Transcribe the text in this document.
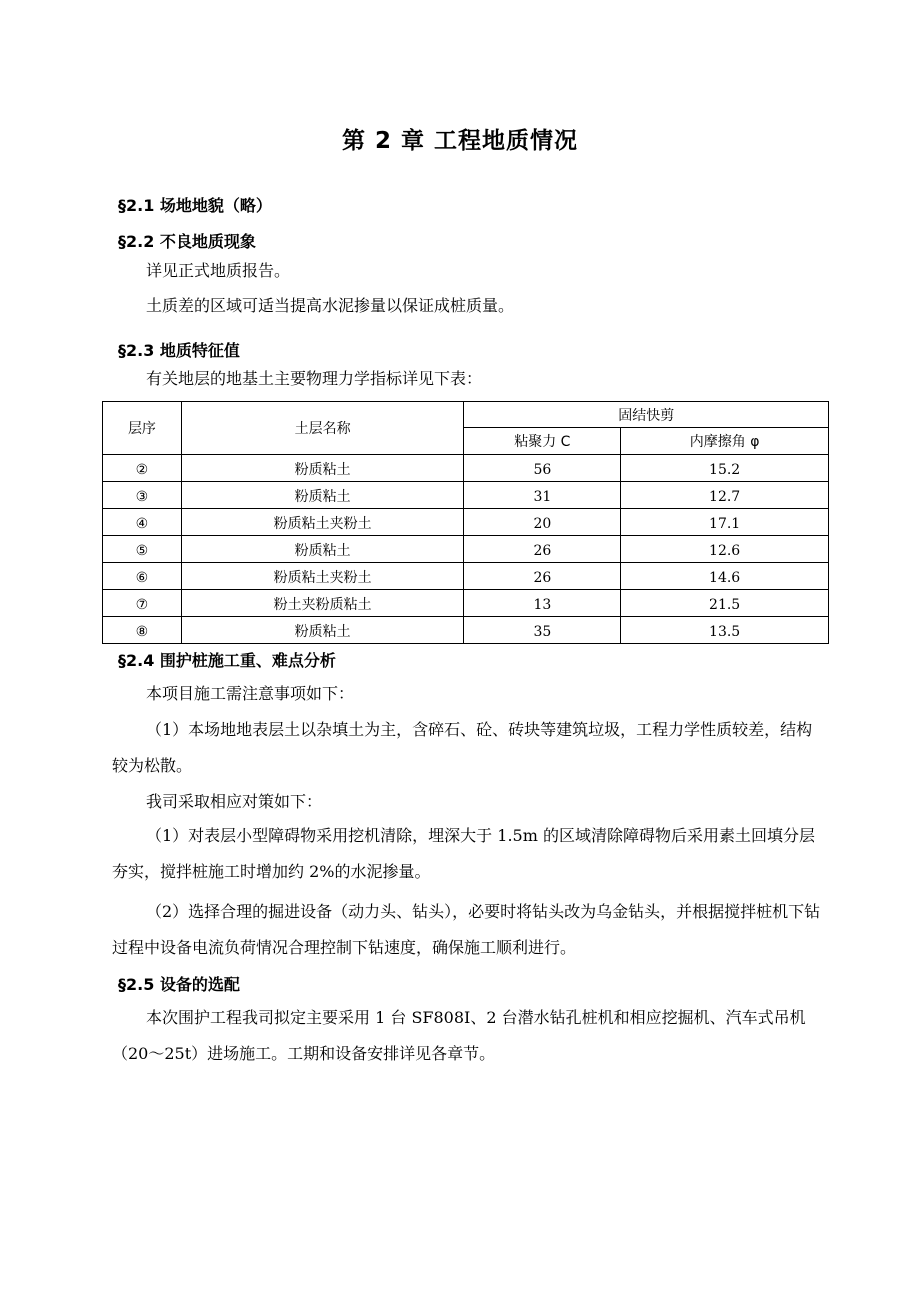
第 2 章 工程地质情况
§2.1 场地地貌（略）
§2.2 不良地质现象
详见正式地质报告。
土质差的区域可适当提高水泥掺量以保证成桩质量。
§2.3 地质特征值
有关地层的地基土主要物理力学指标详见下表：
层序	土层名称	固结快剪	
		粘聚力 C	内摩擦角 φ
②	粉质粘土	56	15.2
③	粉质粘土	31	12.7
④	粉质粘土夹粉土	20	17.1
⑤	粉质粘土	26	12.6
⑥	粉质粘土夹粉土	26	14.6
⑦	粉土夹粉质粘土	13	21.5
⑧	粉质粘土	35	13.5
§2.4 围护桩施工重、难点分析
本项目施工需注意事项如下：
（1）本场地地表层土以杂填土为主，含碎石、砼、砖块等建筑垃圾，工程力学性质较差，结构较为松散。
我司采取相应对策如下：
（1）对表层小型障碍物采用挖机清除，埋深大于 1.5m 的区域清除障碍物后采用素土回填分层夯实，搅拌桩施工时增加约 2%的水泥掺量。
（2）选择合理的掘进设备（动力头、钻头），必要时将钻头改为乌金钻头，并根据搅拌桩机下钻过程中设备电流负荷情况合理控制下钻速度，确保施工顺利进行。
§2.5 设备的选配
本次围护工程我司拟定主要采用 1 台 SF808I、2 台潜水钻孔桩机和相应挖掘机、汽车式吊机（20～25t）进场施工。工期和设备安排详见各章节。
